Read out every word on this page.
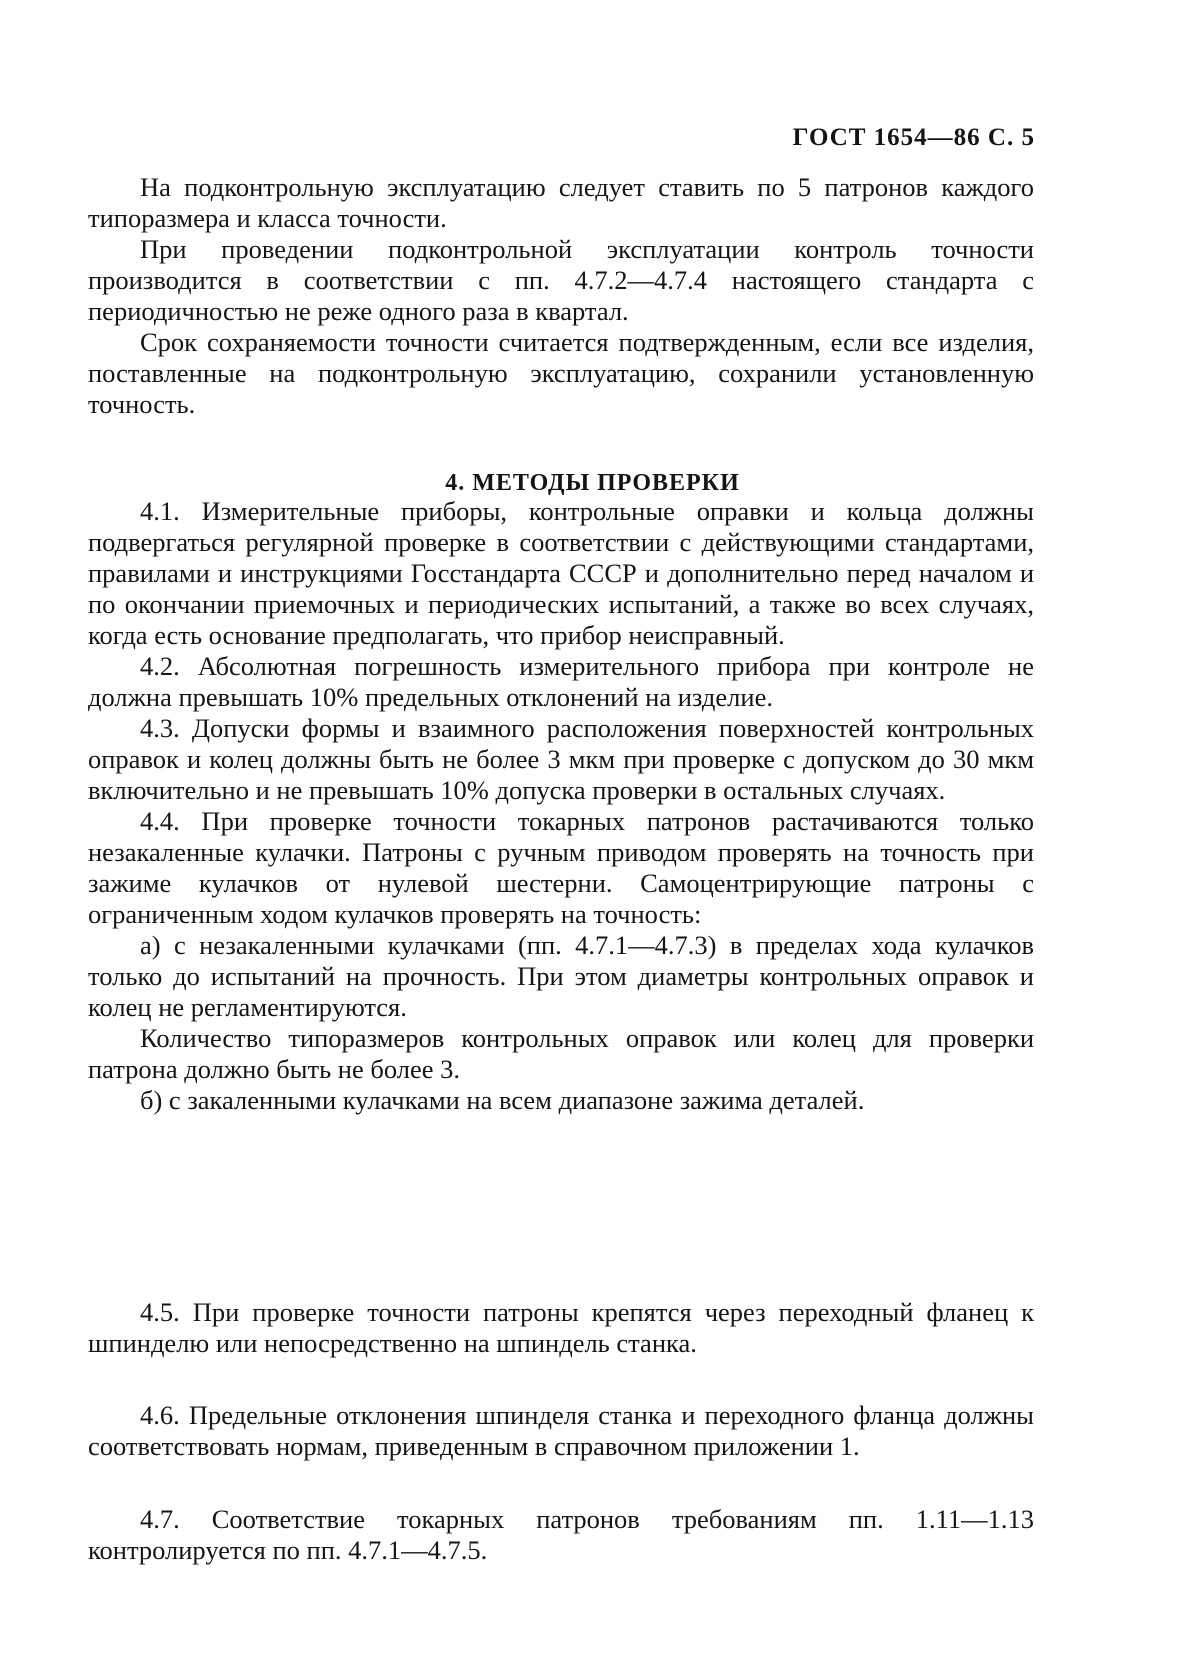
ГОСТ 1654—86 С. 5

На подконтрольную эксплуатацию следует ставить по 5 патронов каждого типоразмера и класса точности.

При проведении подконтрольной эксплуатации контроль точности производится в соответствии с пп. 4.7.2—4.7.4 настоящего стандарта с периодичностью не реже одного раза в квартал.

Срок сохраняемости точности считается подтвержденным, если все изделия, поставленные на подконтрольную эксплуатацию, сохранили установленную точность.

4. МЕТОДЫ ПРОВЕРКИ

4.1. Измерительные приборы, контрольные оправки и кольца должны подвергаться регулярной проверке в соответствии с действующими стандартами, правилами и инструкциями Госстандарта СССР и дополнительно перед началом и по окончании приемочных и периодических испытаний, а также во всех случаях, когда есть основание предполагать, что прибор неисправный.

4.2. Абсолютная погрешность измерительного прибора при контроле не должна превышать 10% предельных отклонений на изделие.

4.3. Допуски формы и взаимного расположения поверхностей контрольных оправок и колец должны быть не более 3 мкм при проверке с допуском до 30 мкм включительно и не превышать 10% допуска проверки в остальных случаях.

4.4. При проверке точности токарных патронов растачиваются только незакаленные кулачки. Патроны с ручным приводом проверять на точность при зажиме кулачков от нулевой шестерни. Самоцентрирующие патроны с ограниченным ходом кулачков проверять на точность:

а) с незакаленными кулачками (пп. 4.7.1—4.7.3) в пределах хода кулачков только до испытаний на прочность. При этом диаметры контрольных оправок и колец не регламентируются.

Количество типоразмеров контрольных оправок или колец для проверки патрона должно быть не более 3.

б) с закаленными кулачками на всем диапазоне зажима деталей.

4.5. При проверке точности патроны крепятся через переходный фланец к шпинделю или непосредственно на шпиндель станка.

4.6. Предельные отклонения шпинделя станка и переходного фланца должны соответствовать нормам, приведенным в справочном приложении 1.

4.7. Соответствие токарных патронов требованиям пп. 1.11—1.13 контролируется по пп. 4.7.1—4.7.5.
